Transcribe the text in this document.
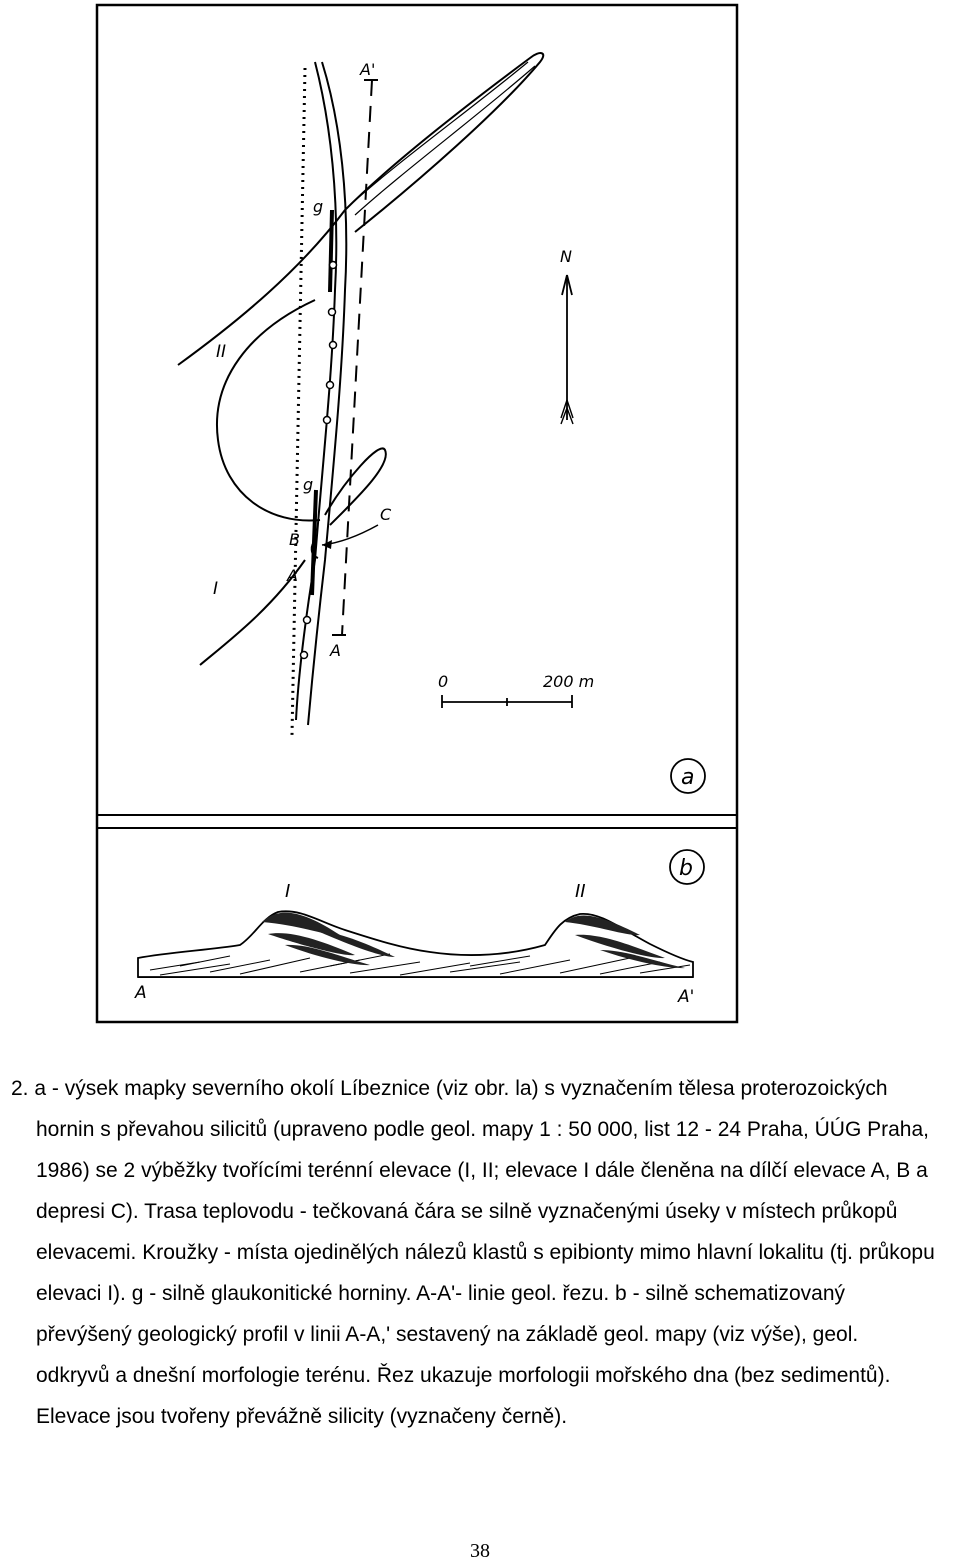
a
N
A'
A
II
I
B
A
C
g
g
0	200 m
b
I	II
A	A'

2. a - výsek mapky severního okolí Líbeznice (viz obr. la) s vyznačením tělesa proterozoických hornin s převahou silicitů (upraveno podle geol. mapy 1 : 50 000, list 12 - 24 Praha, ÚÚG Praha, 1986) se 2 výběžky tvořícími terénní elevace (I, II; elevace I dále členěna na dílčí elevace A, B a depresi C). Trasa teplovodu - tečkovaná čára se silně vyznačenými úseky v místech průkopů elevacemi. Kroužky - místa ojedinělých nálezů klastů s epibionty mimo hlavní lokalitu (tj. průkopu elevaci I). g - silně glaukonitické horniny. A-A'- linie geol. řezu. b - silně schematizovaný převýšený geologický profil v linii A-A,' sestavený na základě geol. mapy (viz výše), geol. odkryvů a dnešní morfologie terénu. Řez ukazuje morfologii mořského dna (bez sedimentů). Elevace jsou tvořeny převážně silicity (vyznačeny černě).

38
